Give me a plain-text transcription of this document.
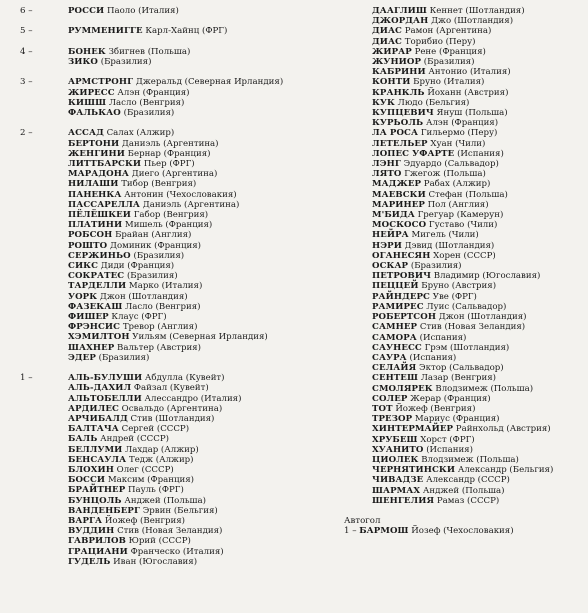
6 –	РОССИ Паоло (Италия)
5 –	РУММЕНИГГЕ Карл-Хайнц (ФРГ)
4 –	БОНЕК Збигнев (Польша)
ЗИКО (Бразилия)
3 –	АРМСТРОНГ Джеральд (Северная Ирландия)
ЖИРЕСС Алэн (Франция)
КИШШ Ласло (Венгрия)
ФАЛЬКАО (Бразилия)
2 –	АССАД Салах (Алжир)
БЕРТОНИ Даниэль (Аргентина)
ЖЕНГИНИ Бернар (Франция)
ЛИТТБАРСКИ Пьер (ФРГ)
МАРАДОНА Диего (Аргентина)
НИЛАШИ Тибор (Венгрия)
ПАНЕНКА Антонин (Чехословакия)
ПАССАРЕЛЛА Даниэль (Аргентина)
ПЁЛЁШКЕИ Габор (Венгрия)
ПЛАТИНИ Мишель (Франция)
РОБСОН Брайан (Англия)
РОШТО Доминик (Франция)
СЕРЖИНЬО (Бразилия)
СИКС Диди (Франция)
СОКРАТЕС (Бразилия)
ТАРДЕЛЛИ Марко (Италия)
УОРК Джон (Шотландия)
ФАЗЕКАШ Ласло (Венгрия)
ФИШЕР Клаус (ФРГ)
ФРЭНСИС Тревор (Англия)
ХЭМИЛТОН Уильям (Северная Ирландия)
ШАХНЕР Вальтер (Австрия)
ЭДЕР (Бразилия)
1 –	АЛЬ-БУЛУШИ Абдулла (Кувейт)
АЛЬ-ДАХИЛ Файзал (Кувейт)
АЛЬТОБЕЛЛИ Алессандро (Италия)
АРДИЛЕС Освальдо (Аргентина)
АРЧИБАЛД Стив (Шотландия)
БАЛТАЧА Сергей (СССР)
БАЛЬ Андрей (СССР)
БЕЛЛУМИ Лахдар (Алжир)
БЕНСАУЛА Тедж (Алжир)
БЛОХИН Олег (СССР)
БОССИ Максим (Франция)
БРАЙТНЕР Пауль (ФРГ)
БУНЦОЛЬ Анджей (Польша)
ВАНДЕНБЕРГ Эрвин (Бельгия)
ВАРГА Йожеф (Венгрия)
ВУДДИН Стив (Новая Зеландия)
ГАВРИЛОВ Юрий (СССР)
ГРАЦИАНИ Франческо (Италия)
ГУДЕЛЬ Иван (Югославия)
ДААГЛИШ Кеннет (Шотландия)
ДЖОРДАН Джо (Шотландия)
ДИАС Рамон (Аргентина)
ДИАС Торибио (Перу)
ЖИРАР Рене (Франция)
ЖУНИОР (Бразилия)
КАБРИНИ Антонио (Италия)
КОНТИ Бруно (Италия)
КРАНКЛЬ Йоханн (Австрия)
КУК Людо (Бельгия)
КУПЦЕВИЧ Януш (Польша)
КУРЬОЛЬ Алэн (Франция)
ЛА РОСА Гильермо (Перу)
ЛЕТЕЛЬЕР Хуан (Чили)
ЛОПЕС УФАРТЕ (Испания)
ЛЭНГ Эдуардо (Сальвадор)
ЛЯТО Гжегож (Польша)
МАДЖЕР Рабах (Алжир)
МАЕВСКИ Стефан (Польша)
МАРИНЕР Пол (Англия)
М'БИДА Грегуар (Камерун)
МОСКОСО Густаво (Чили)
НЕЙРА Мигель (Чили)
НЭРИ Дэвид (Шотландия)
ОГАНЕСЯН Хорен (СССР)
ОСКАР (Бразилия)
ПЕТРОВИЧ Владимир (Югославия)
ПЕЦЦЕЙ Бруно (Австрия)
РАЙНДЕРС Уве (ФРГ)
РАМИРЕС Луис (Сальвадор)
РОБЕРТСОН Джон (Шотландия)
САМНЕР Стив (Новая Зеландия)
САМОРА (Испания)
САУНЕСС Грэм (Шотландия)
САУРА (Испания)
СЕЛАЙЯ Эктор (Сальвадор)
СЕНТЕШ Лазар (Венгрия)
СМОЛЯРЕК Влодзимеж (Польша)
СОЛЕР Жерар (Франция)
ТОТ Йожеф (Венгрия)
ТРЕЗОР Мариус (Франция)
ХИНТЕРМАЙЕР Райнхольд (Австрия)
ХРУБЕШ Хорст (ФРГ)
ХУАНИТО (Испания)
ЦИОЛЕК Влодзимеж (Польша)
ЧЕРНЯТИНСКИ Александр (Бельгия)
ЧИВАДЗЕ Александр (СССР)
ШАРМАХ Анджей (Польша)
ШЕНГЕЛИЯ Рамаз (СССР)
Автогол
1 – БАРМОШ Йозеф (Чехословакия)
